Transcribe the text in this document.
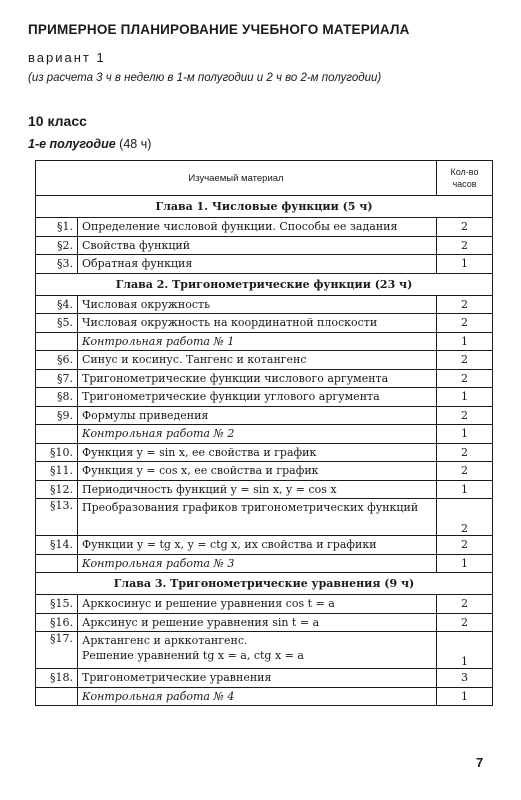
ПРИМЕРНОЕ ПЛАНИРОВАНИЕ УЧЕБНОГО МАТЕРИАЛА
вариант 1
(из расчета 3 ч в неделю в 1-м полугодии и 2 ч во 2-м полугодии)
10 класс
1-е полугодие (48 ч)
Изучаемый материал		Кол-во часов
Глава 1. Числовые функции (5 ч)		
§1.	Определение числовой функции. Способы ее задания	2
§2.	Свойства функций	2
§3.	Обратная функция	1
Глава 2. Тригонометрические функции (23 ч)		
§4.	Числовая окружность	2
§5.	Числовая окружность на координатной плоскости	2
	Контрольная работа № 1	1
§6.	Синус и косинус. Тангенс и котангенс	2
§7.	Тригонометрические функции числового аргумента	2
§8.	Тригонометрические функции углового аргумента	1
§9.	Формулы приведения	2
	Контрольная работа № 2	1
§10.	Функция y = sin x, ее свойства и график	2
§11.	Функция y = cos x, ее свойства и график	2
§12.	Периодичность функций y = sin x, y = cos x	1
§13.	Преобразования графиков тригонометрических функций	2
§14.	Функции y = tg x, y = ctg x, их свойства и графики	2
	Контрольная работа № 3	1
Глава 3. Тригонометрические уравнения (9 ч)		
§15.	Арккосинус и решение уравнения cos t = a	2
§16.	Арксинус и решение уравнения sin t = a	2
§17.	Арктангенс и арккотангенс.
Решение уравнений tg x = a, ctg x = a	1
§18.	Тригонометрические уравнения	3
	Контрольная работа № 4	1
7
